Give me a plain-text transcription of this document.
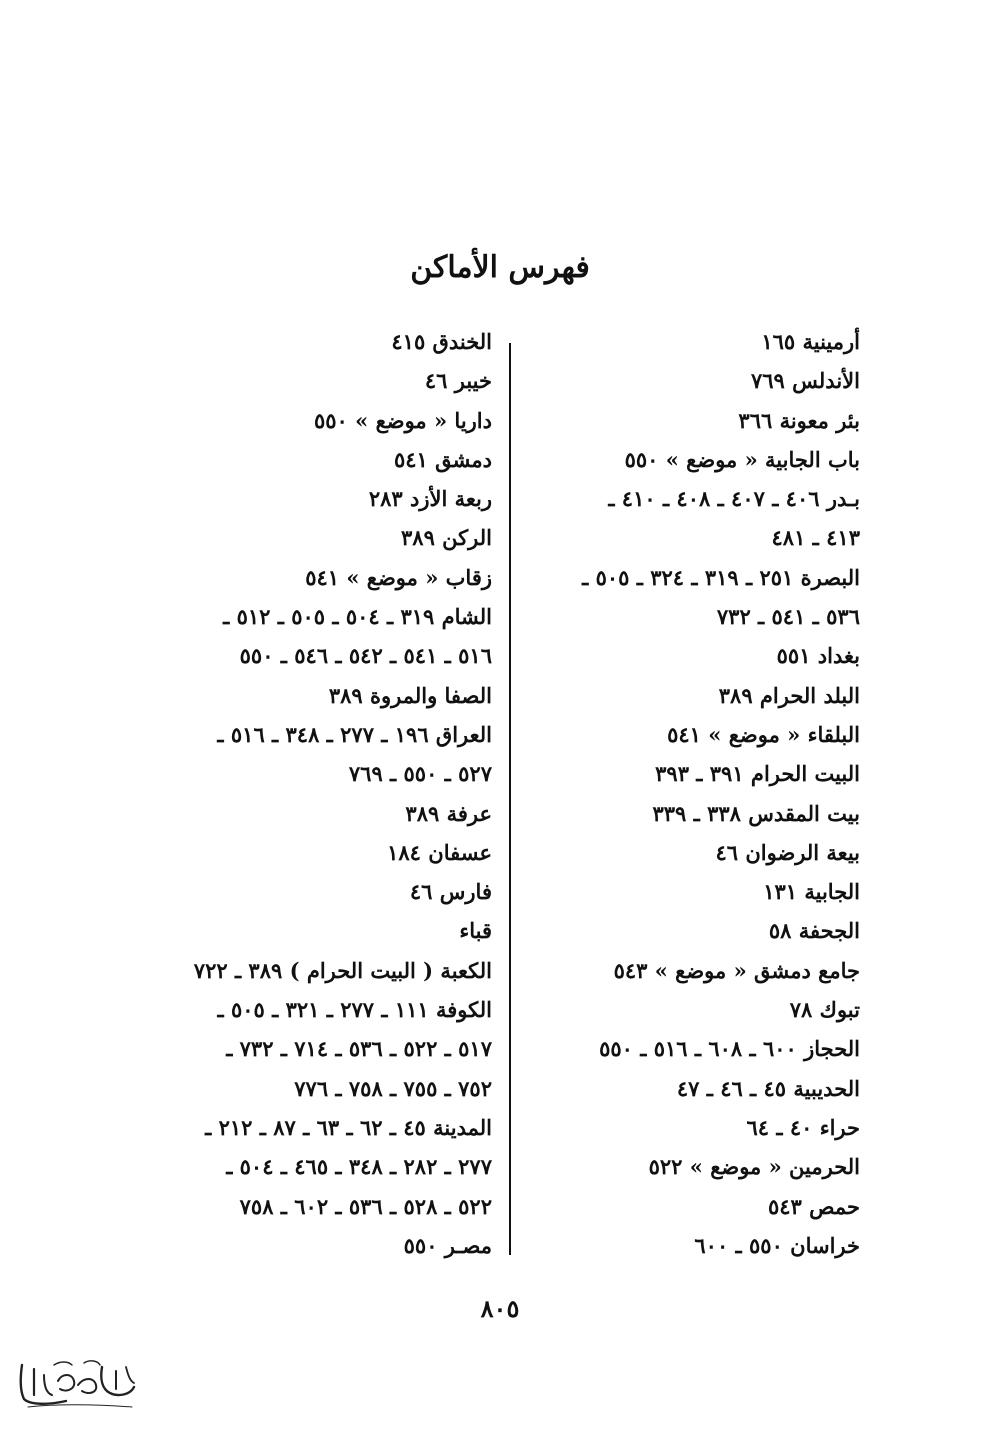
فهرس الأماكن
أرمينية ١٦٥
الأندلس ٧٦٩
بئر معونة ٣٦٦
باب الجابية « موضع » ٥٥٠
بـدر ٤٠٦ ـ ٤٠٧ ـ ٤٠٨ ـ ٤١٠ ـ
٤١٣ ـ ٤٨١
البصرة ٢٥١ ـ ٣١٩ ـ ٣٢٤ ـ ٥٠٥ ـ
٥٣٦ ـ ٥٤١ ـ ٧٣٢
بغداد ٥٥١
البلد الحرام ٣٨٩
البلقاء « موضع » ٥٤١
البيت الحرام ٣٩١ ـ ٣٩٣
بيت المقدس ٣٣٨ ـ ٣٣٩
بيعة الرضوان ٤٦
الجابية ١٣١
الجحفة ٥٨
جامع دمشق « موضع » ٥٤٣
تبوك ٧٨
الحجاز ٦٠٠ ـ ٦٠٨ ـ ٥١٦ ـ ٥٥٠
الحديبية ٤٥ ـ ٤٦ ـ ٤٧
حراء ٤٠ ـ ٦٤
الحرمين « موضع » ٥٢٢
حمص ٥٤٣
خراسان ٥٥٠ ـ ٦٠٠
الخندق ٤١٥
خيبر ٤٦
داريا « موضع » ٥٥٠
دمشق ٥٤١
ربعة الأزد ٢٨٣
الركن ٣٨٩
زقاب « موضع » ٥٤١
الشام ٣١٩ ـ ٥٠٤ ـ ٥٠٥ ـ ٥١٢ ـ
٥١٦ ـ ٥٤١ ـ ٥٤٢ ـ ٥٤٦ ـ ٥٥٠
الصفا والمروة ٣٨٩
العراق ١٩٦ ـ ٢٧٧ ـ ٣٤٨ ـ ٥١٦ ـ
٥٢٧ ـ ٥٥٠ ـ ٧٦٩
عرفة ٣٨٩
عسفان ١٨٤
فارس ٤٦
قباء
الكعبة ( البيت الحرام ) ٣٨٩ ـ ٧٢٢
الكوفة ١١١ ـ ٢٧٧ ـ ٣٢١ ـ ٥٠٥ ـ
٥١٧ ـ ٥٢٢ ـ ٥٣٦ ـ ٧١٤ ـ ٧٣٢ ـ
٧٥٢ ـ ٧٥٥ ـ ٧٥٨ ـ ٧٧٦
المدينة ٤٥ ـ ٦٢ ـ ٦٣ ـ ٨٧ ـ ٢١٢ ـ
٢٧٧ ـ ٢٨٢ ـ ٣٤٨ ـ ٤٦٥ ـ ٥٠٤ ـ
٥٢٢ ـ ٥٢٨ ـ ٥٣٦ ـ ٦٠٢ ـ ٧٥٨
مصـر ٥٥٠
٨٠٥
